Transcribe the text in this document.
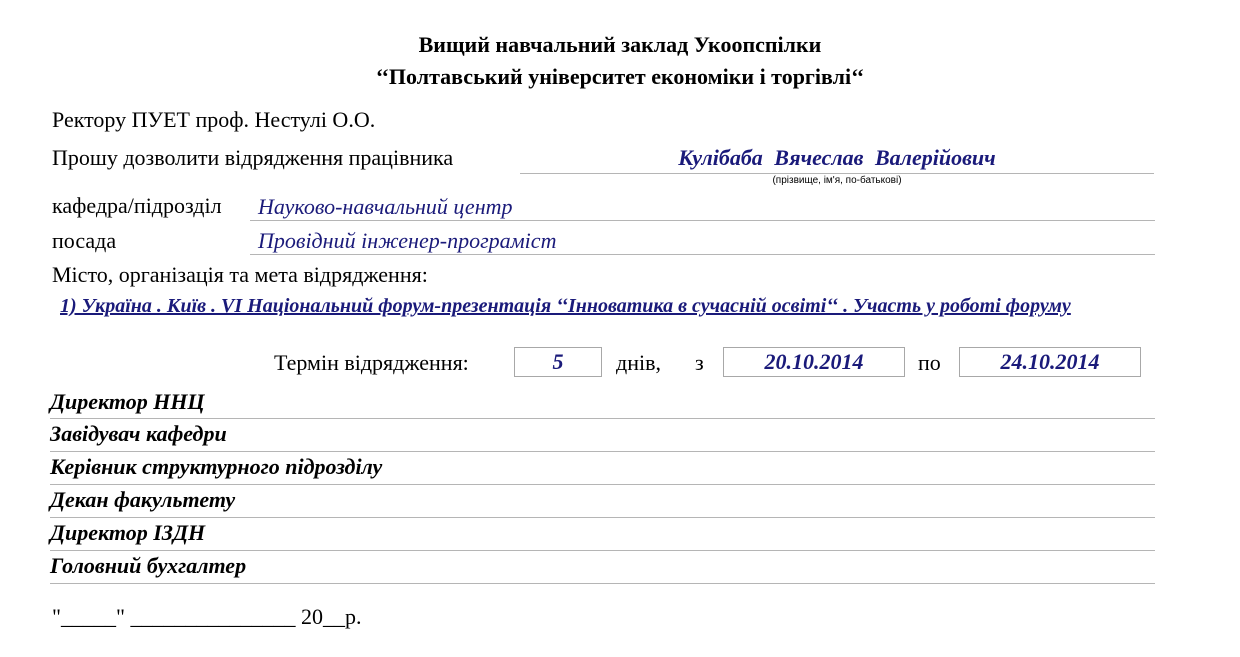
Вищий навчальний заклад Укоопспілки
‘‘Полтавський університет економіки і торгівлі‘‘
Ректору ПУЕТ проф. Нестулі О.О.
Прошу дозволити відрядження працівника	Кулібаба Вячеслав Валерійович
(прізвище, ім'я, по-батькові)
кафедра/підрозділ Науково-навчальний центр
посада	Провідний інженер-програміст
Місто, організація та мета відрядження:
1) Україна . Київ . VI Національний форум-презентація ‘‘Інноватика в сучасній освіті‘‘ . Участь у роботі форуму
Термін відрядження:	5	днів, з	20.10.2014	по	24.10.2014
Директор ННЦ
Завідувач кафедри
Керівник структурного підрозділу
Декан факультету
Директор ІЗДН
Головний бухгалтер
"_____" _______________ 20__р.
